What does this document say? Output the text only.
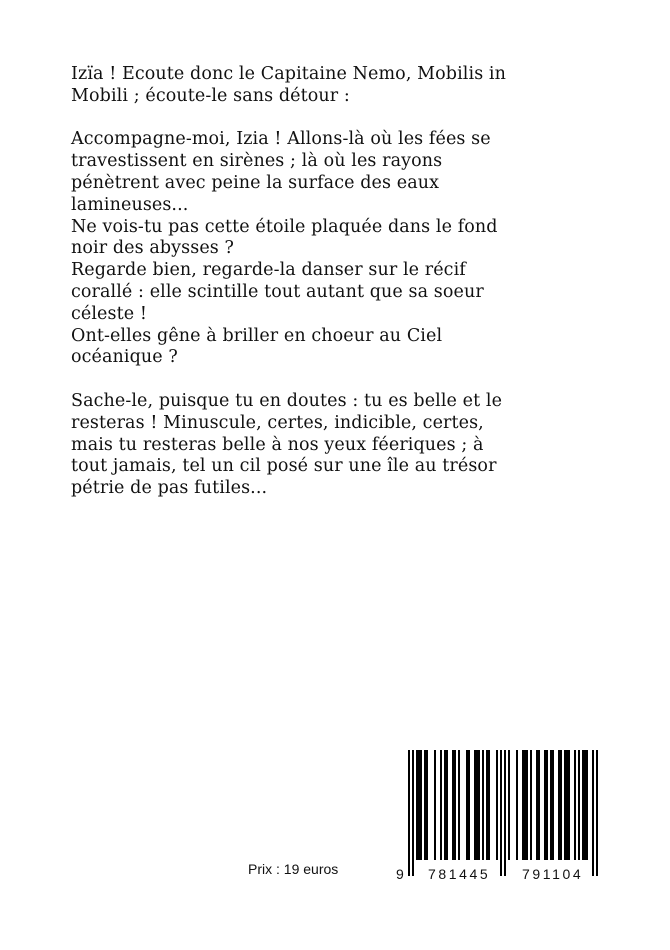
Izïa ! Ecoute donc le Capitaine Nemo, Mobilis in
Mobili ; écoute-le sans détour :

Accompagne-moi, Izia ! Allons-là où les fées se
travestissent en sirènes ; là où les rayons
pénètrent avec peine la surface des eaux
lamineuses...
Ne vois-tu pas cette étoile plaquée dans le fond
noir des abysses ?
Regarde bien, regarde-la danser sur le récif
corallé : elle scintille tout autant que sa soeur
céleste !
Ont-elles gêne à briller en choeur au Ciel
océanique ?

Sache-le, puisque tu en doutes : tu es belle et le
resteras ! Minuscule, certes, indicible, certes,
mais tu resteras belle à nos yeux féeriques ; à
tout jamais, tel un cil posé sur une île au trésor
pétrie de pas futiles...

Prix : 19 euros	9 781445 791104
